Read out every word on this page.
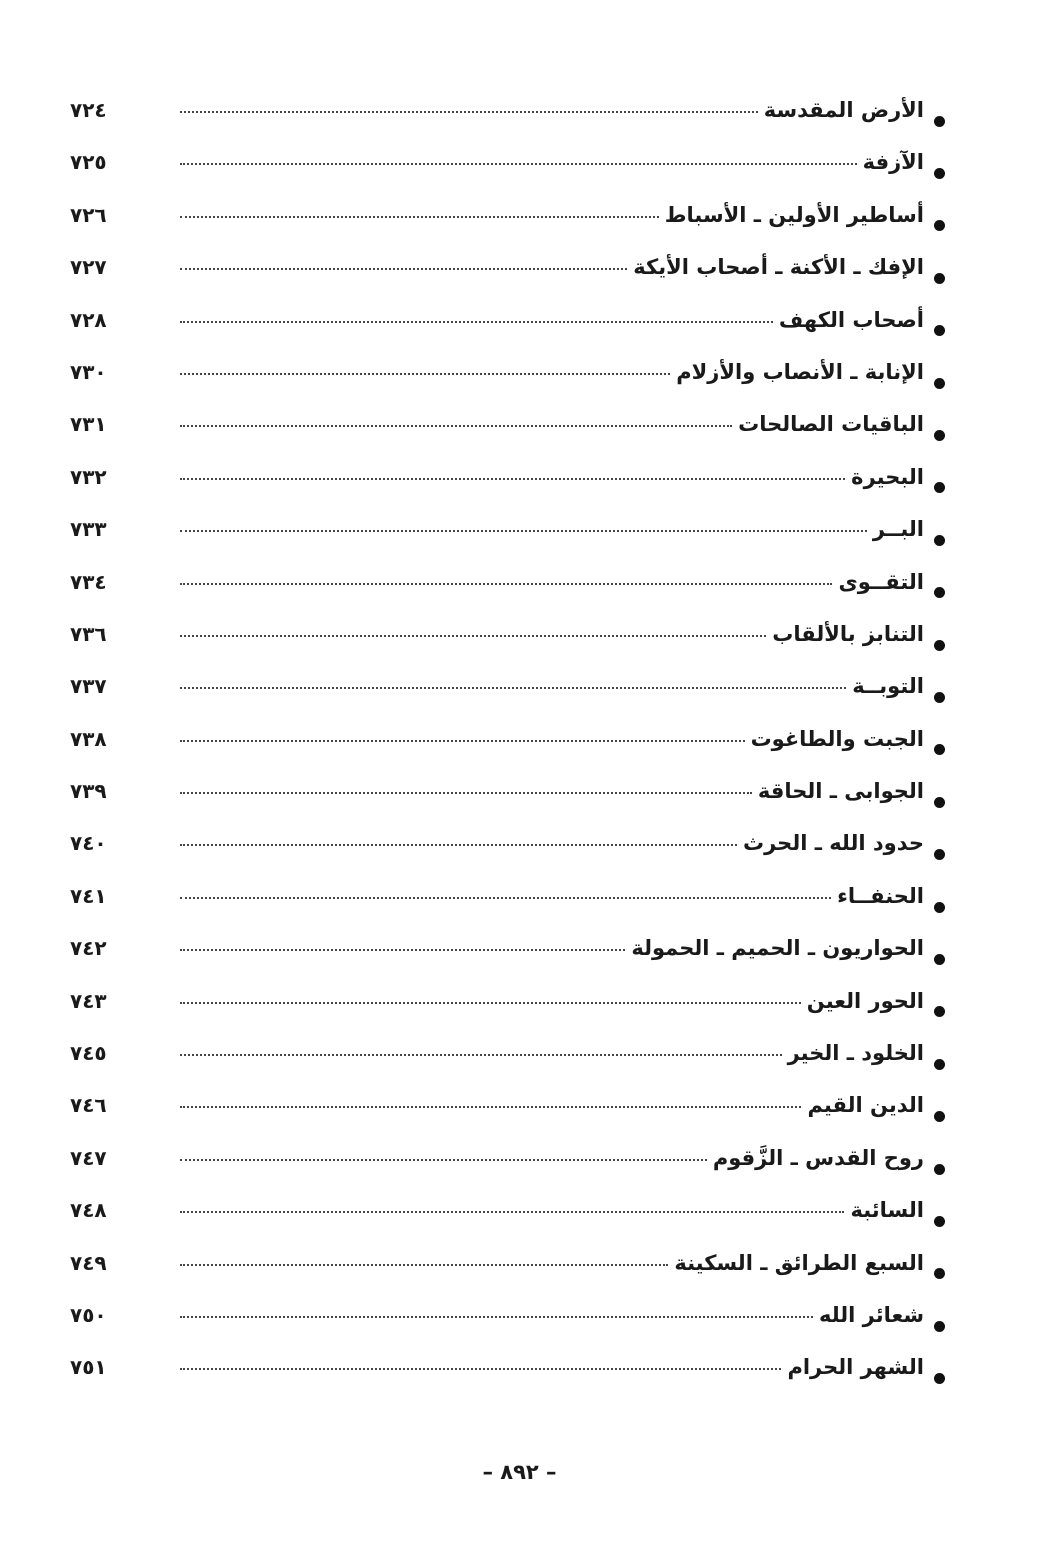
الأرض المقدسة
٧٢٤
الآزفة
٧٢٥
أساطير الأولين ـ الأسباط
٧٢٦
الإفك ـ الأكنة ـ أصحاب الأيكة
٧٢٧
أصحاب الكهف
٧٢٨
الإنابة ـ الأنصاب والأزلام
٧٣٠
الباقيات الصالحات
٧٣١
البحيرة
٧٣٢
البــر
٧٣٣
التقــوى
٧٣٤
التنابز بالألقاب
٧٣٦
التوبــة
٧٣٧
الجبت والطاغوت
٧٣٨
الجوابى ـ الحاقة
٧٣٩
حدود الله ـ الحرث
٧٤٠
الحنفــاء
٧٤١
الحواريون ـ الحميم ـ الحمولة
٧٤٢
الحور العين
٧٤٣
الخلود ـ الخير
٧٤٥
الدين القيم
٧٤٦
روح القدس ـ الزَّقوم
٧٤٧
السائبة
٧٤٨
السبع الطرائق ـ السكينة
٧٤٩
شعائر الله
٧٥٠
الشهر الحرام
٧٥١
– ٨٩٢ –
